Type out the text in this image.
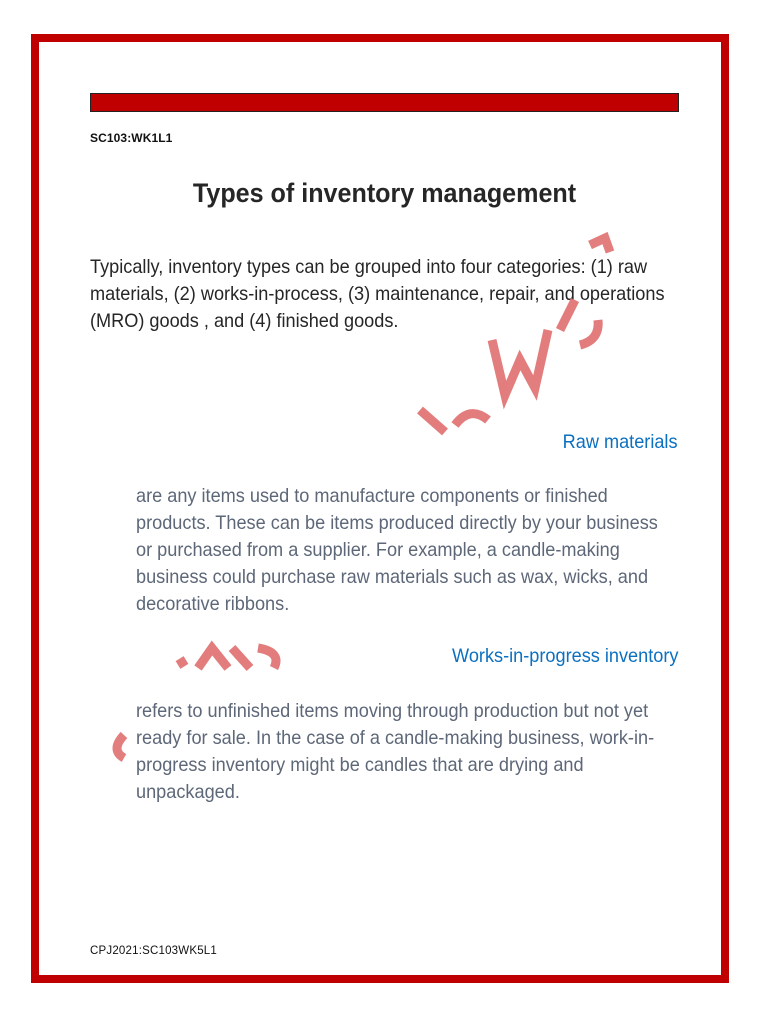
SC103:WK1L1
Types of inventory management
Typically, inventory types can be grouped into four categories: (1) raw materials, (2) works-in-process, (3) maintenance, repair, and operations (MRO) goods , and (4) finished goods.
Raw materials
are any items used to manufacture components or finished products. These can be items produced directly by your business or purchased from a supplier. For example, a candle-making business could purchase raw materials such as wax, wicks, and decorative ribbons.
Works-in-progress inventory
refers to unfinished items moving through production but not yet ready for sale. In the case of a candle-making business, work-in-progress inventory might be candles that are drying and unpackaged.
CPJ2021:SC103WK5L1
